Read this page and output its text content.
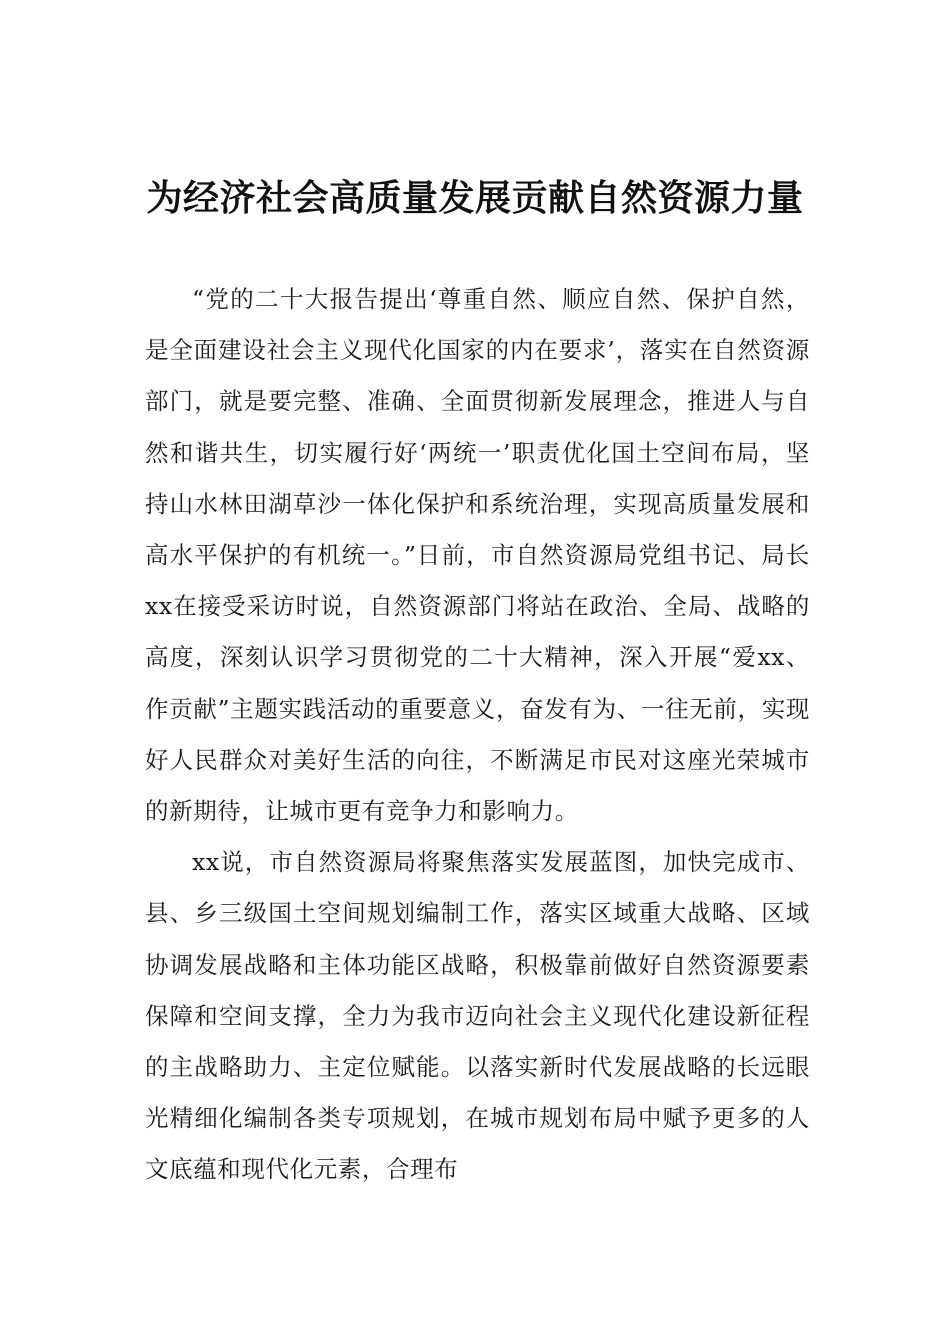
为经济社会高质量发展贡献自然资源力量

“党的二十大报告提出‘尊重自然、顺应自然、保护自然，是全面建设社会主义现代化国家的内在要求’，落实在自然资源部门，就是要完整、准确、全面贯彻新发展理念，推进人与自然和谐共生，切实履行好‘两统一’职责优化国土空间布局，坚持山水林田湖草沙一体化保护和系统治理，实现高质量发展和高水平保护的有机统一。”日前，市自然资源局党组书记、局长xx在接受采访时说，自然资源部门将站在政治、全局、战略的高度，深刻认识学习贯彻党的二十大精神，深入开展“爱xx、作贡献”主题实践活动的重要意义，奋发有为、一往无前，实现好人民群众对美好生活的向往，不断满足市民对这座光荣城市的新期待，让城市更有竞争力和影响力。

xx说，市自然资源局将聚焦落实发展蓝图，加快完成市、县、乡三级国土空间规划编制工作，落实区域重大战略、区域协调发展战略和主体功能区战略，积极靠前做好自然资源要素保障和空间支撑，全力为我市迈向社会主义现代化建设新征程的主战略助力、主定位赋能。以落实新时代发展战略的长远眼光精细化编制各类专项规划，在城市规划布局中赋予更多的人文底蕴和现代化元素，合理布
